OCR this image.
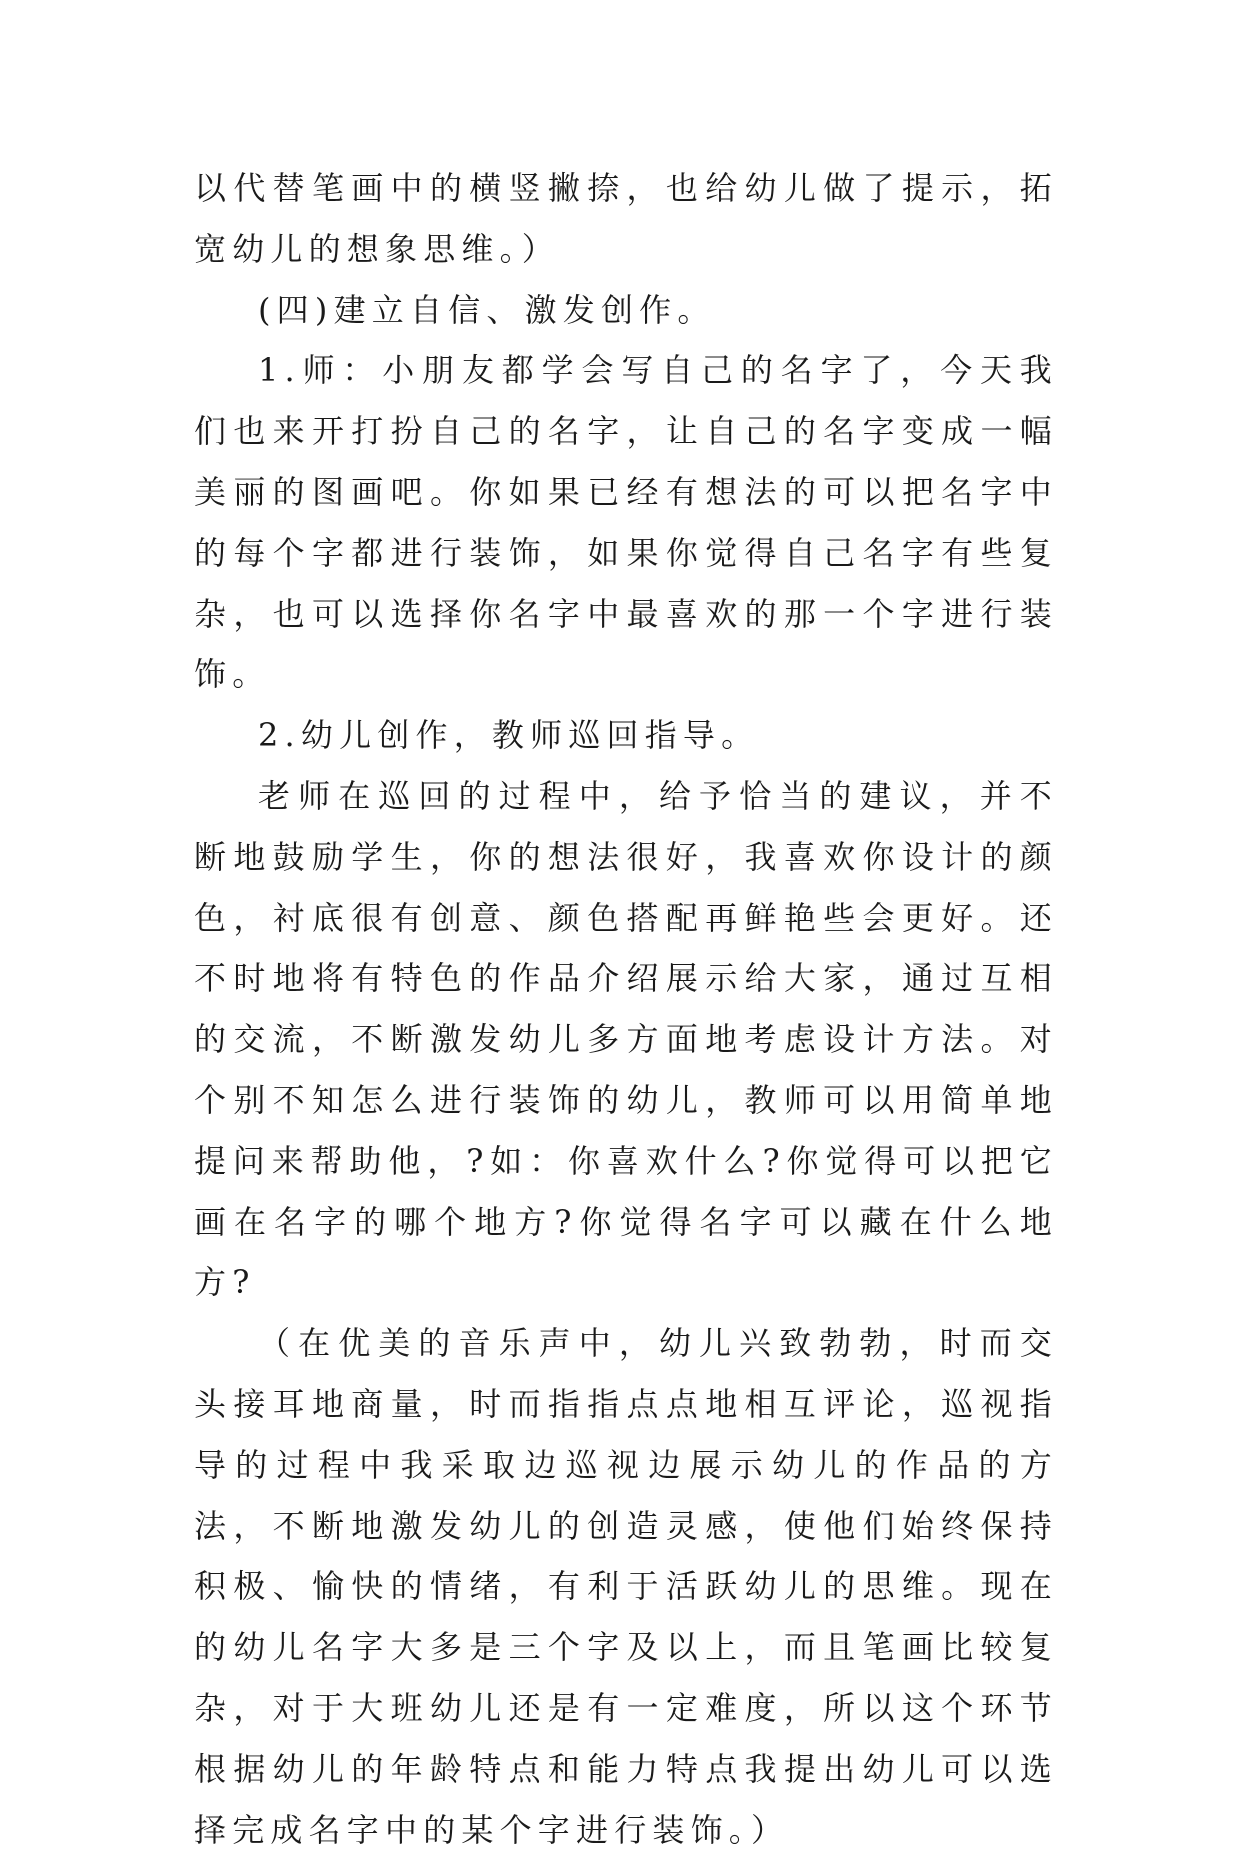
以代替笔画中的横竖撇捺，也给幼儿做了提示，拓宽幼儿的想象思维。）

(四)建立自信、激发创作。

1.师：小朋友都学会写自己的名字了，今天我们也来开打扮自己的名字，让自己的名字变成一幅美丽的图画吧。你如果已经有想法的可以把名字中的每个字都进行装饰，如果你觉得自己名字有些复杂，也可以选择你名字中最喜欢的那一个字进行装饰。

2.幼儿创作，教师巡回指导。

老师在巡回的过程中，给予恰当的建议，并不断地鼓励学生，你的想法很好，我喜欢你设计的颜色，衬底很有创意、颜色搭配再鲜艳些会更好。还不时地将有特色的作品介绍展示给大家，通过互相的交流，不断激发幼儿多方面地考虑设计方法。对个别不知怎么进行装饰的幼儿，教师可以用简单地提问来帮助他，?如：你喜欢什么?你觉得可以把它画在名字的哪个地方?你觉得名字可以藏在什么地方?

（在优美的音乐声中，幼儿兴致勃勃，时而交头接耳地商量，时而指指点点地相互评论，巡视指导的过程中我采取边巡视边展示幼儿的作品的方法，不断地激发幼儿的创造灵感，使他们始终保持积极、愉快的情绪，有利于活跃幼儿的思维。现在的幼儿名字大多是三个字及以上，而且笔画比较复杂，对于大班幼儿还是有一定难度，所以这个环节根据幼儿的年龄特点和能力特点我提出幼儿可以选择完成名字中的某个字进行装饰。）
